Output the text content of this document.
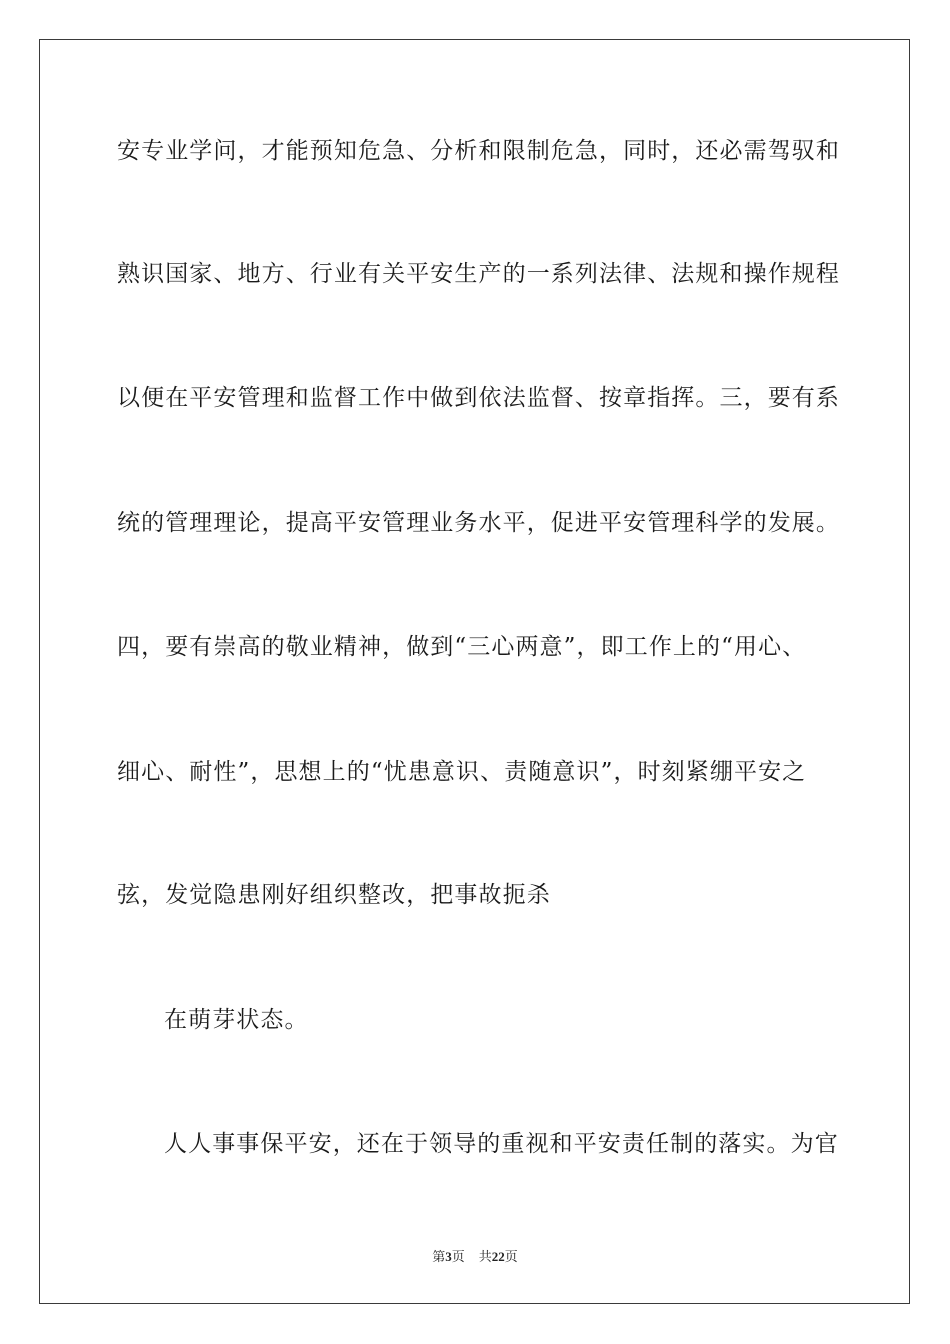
安专业学问，才能预知危急、分析和限制危急，同时，还必需驾驭和
熟识国家、地方、行业有关平安生产的一系列法律、法规和操作规程
以便在平安管理和监督工作中做到依法监督、按章指挥。三，要有系
统的管理理论，提高平安管理业务水平，促进平安管理科学的发展。
四，要有崇高的敬业精神，做到“三心两意”，即工作上的“用心、
细心、耐性”，思想上的“忧患意识、责随意识”，时刻紧绷平安之
弦，发觉隐患刚好组织整改，把事故扼杀
在萌芽状态。
人人事事保平安，还在于领导的重视和平安责任制的落实。为官
第3页 共22页
